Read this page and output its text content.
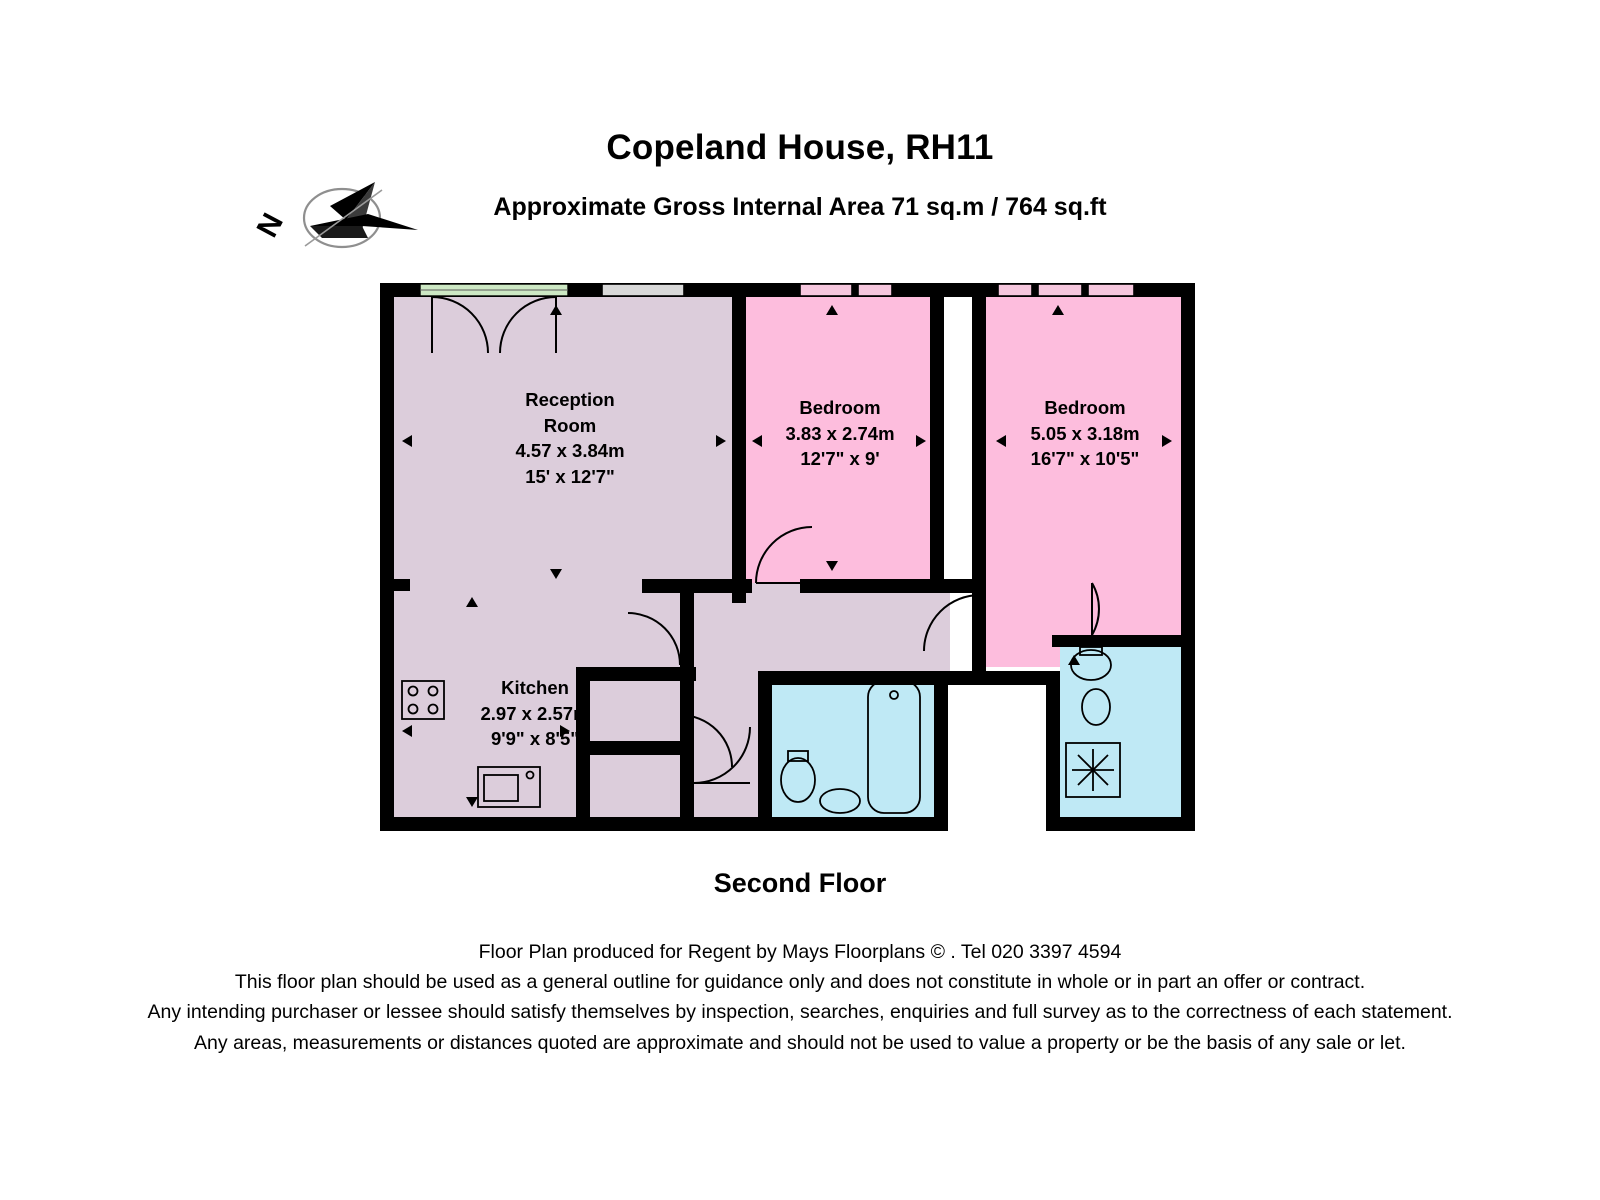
Copeland House, RH11
Approximate Gross Internal Area 71 sq.m / 764 sq.ft
N
Reception
Room
4.57 x 3.84m
15' x 12'7"
Bedroom
3.83 x 2.74m
12'7" x 9'
Bedroom
5.05 x 3.18m
16'7" x 10'5"
Kitchen
2.97 x 2.57m
9'9" x 8'5"
Second Floor
Floor Plan produced for Regent by Mays Floorplans © . Tel 020 3397 4594
This floor plan should be used as a general outline for guidance only and does not constitute in whole or in part an offer or contract.
Any intending purchaser or lessee should satisfy themselves by inspection, searches, enquiries and full survey as to the correctness of each statement.
Any areas, measurements or distances quoted are approximate and should not be used to value a property or be the basis of any sale or let.
